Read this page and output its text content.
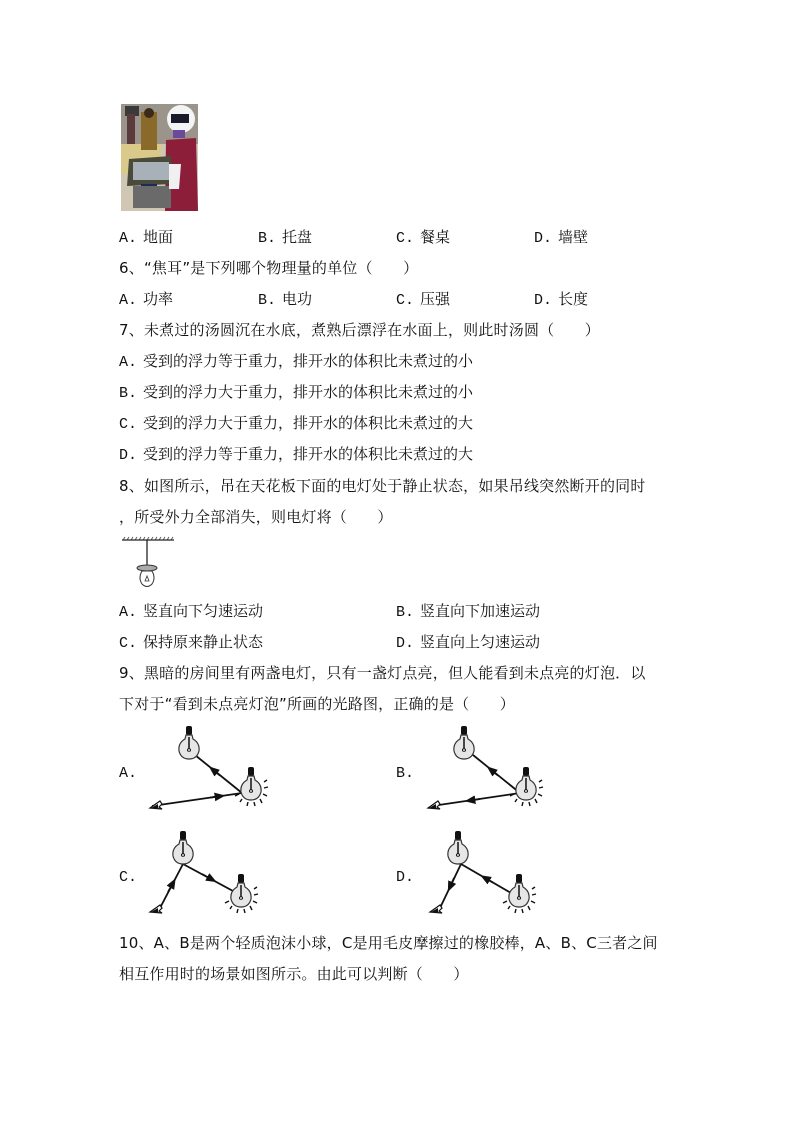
A. 地面	B. 托盘	C. 餐桌	D. 墙壁
6、“焦耳”是下列哪个物理量的单位（　　）
A. 功率	B. 电功	C. 压强	D. 长度
7、未煮过的汤圆沉在水底，煮熟后漂浮在水面上，则此时汤圆（　　）
A. 受到的浮力等于重力，排开水的体积比未煮过的小
B. 受到的浮力大于重力，排开水的体积比未煮过的小
C. 受到的浮力大于重力，排开水的体积比未煮过的大
D. 受到的浮力等于重力，排开水的体积比未煮过的大
8、如图所示，吊在天花板下面的电灯处于静止状态，如果吊线突然断开的同时
，所受外力全部消失，则电灯将（　　）
A. 竖直向下匀速运动	B. 竖直向下加速运动
C. 保持原来静止状态	D. 竖直向上匀速运动
9、黑暗的房间里有两盏电灯，只有一盏灯点亮，但人能看到未点亮的灯泡．以
下对于“看到未点亮灯泡”所画的光路图，正确的是（　　）
A.	B.
C.	D.
10、A、B是两个轻质泡沫小球，C是用毛皮摩擦过的橡胶棒，A、B、C三者之间
相互作用时的场景如图所示。由此可以判断（　　）
